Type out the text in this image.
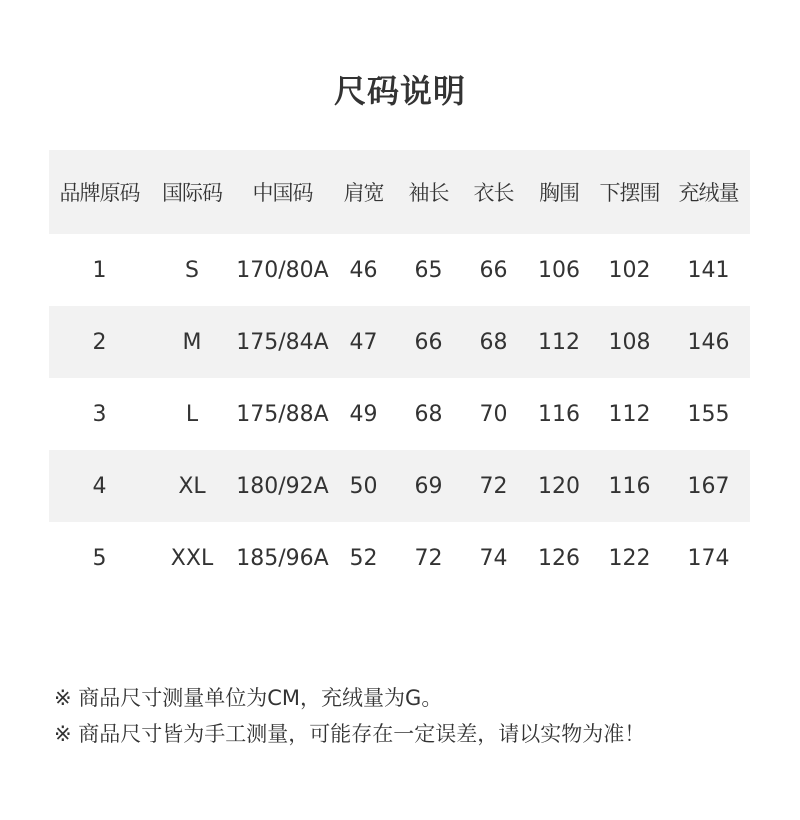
尺码说明
品牌原码	国际码	中国码	肩宽	袖长	衣长	胸围 下摆围 充绒量
1	S	170/80A 46	65	66	106	102	141
2	M	175/84A 47	66	68	112	108	146
3	L	175/88A 49	68	70	116	112	155
4	XL	180/92A 50	69	72	120	116	167
5	XXL	185/96A 52	72	74	126	122	174
※ 商品尺寸测量单位为CM，充绒量为G。
※ 商品尺寸皆为手工测量，可能存在一定误差，请以实物为准！
